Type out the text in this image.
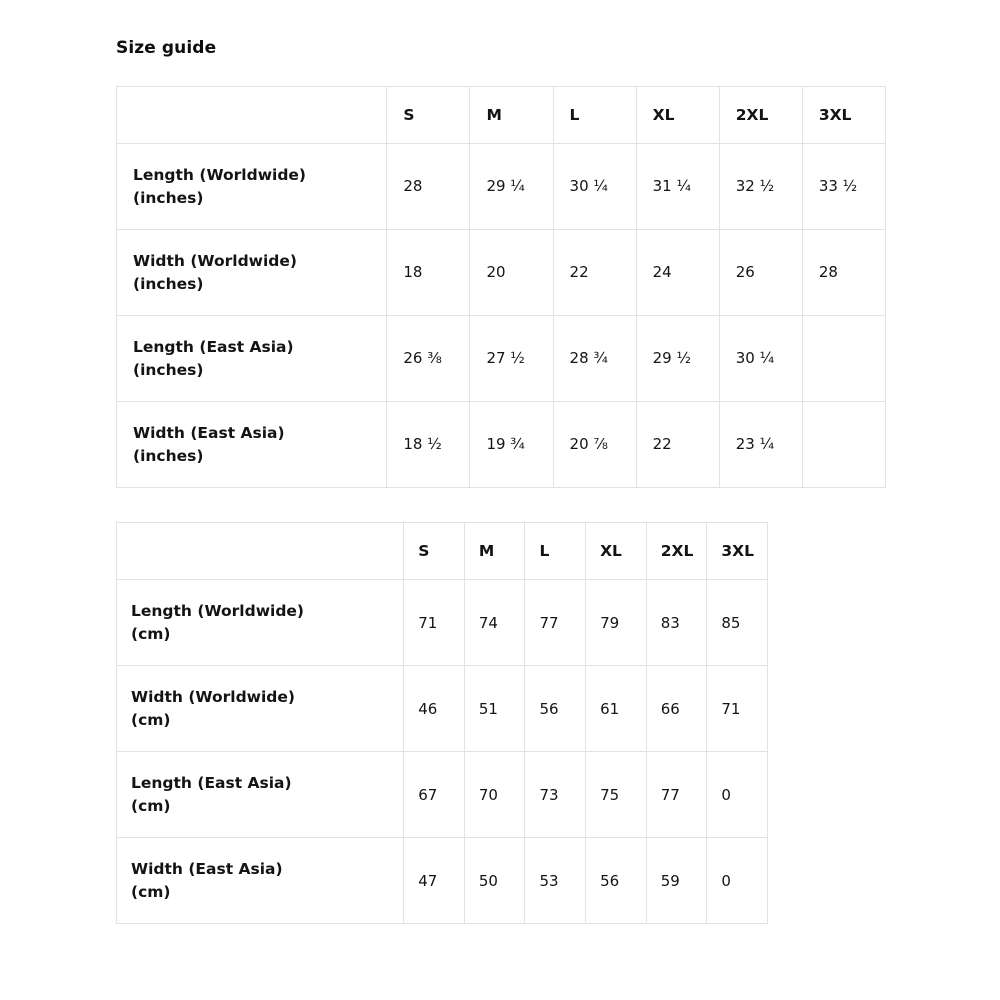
Size guide
	S	M	L	XL	2XL	3XL

Length (Worldwide)
(inches)	28	29 ¼	30 ¼	31 ¼	32 ½	33 ½

Width (Worldwide)
(inches)	18	20	22	24	26	28

Length (East Asia)
(inches)	26 ⅜	27 ½	28 ¾	29 ½	30 ¼	

Width (East Asia)
(inches)	18 ½	19 ¾	20 ⅞	22	23 ¼	
	S	M	L	XL	2XL	3XL

Length (Worldwide)
(cm)	71	74	77	79	83	85

Width (Worldwide)
(cm)	46	51	56	61	66	71

Length (East Asia)
(cm)	67	70	73	75	77	0

Width (East Asia)
(cm)	47	50	53	56	59	0
